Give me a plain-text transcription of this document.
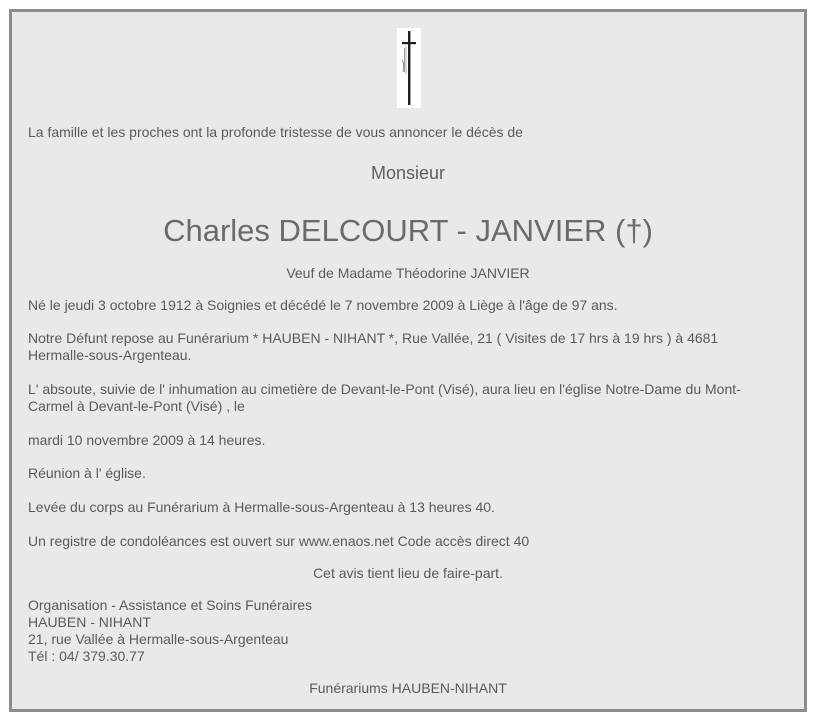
La famille et les proches ont la profonde tristesse de vous annoncer le décès de

Monsieur

Charles DELCOURT - JANVIER (†)

Veuf de Madame Théodorine JANVIER

Né le jeudi 3 octobre 1912 à Soignies et décédé le 7 novembre 2009 à Liège à l'âge de 97 ans.

Notre Défunt repose au Funérarium * HAUBEN - NIHANT *, Rue Vallée, 21 ( Visites de 17 hrs à 19 hrs ) à 4681

Hermalle-sous-Argenteau.

L' absoute, suivie de l' inhumation au cimetière de Devant-le-Pont (Visé), aura lieu en l'église Notre-Dame du Mont-

Carmel à Devant-le-Pont (Visé) , le

mardi 10 novembre 2009 à 14 heures.

Réunion à l' église.

Levée du corps au Funérarium à Hermalle-sous-Argenteau à 13 heures 40.

Un registre de condoléances est ouvert sur www.enaos.net Code accès direct 40

Cet avis tient lieu de faire-part.

Organisation - Assistance et Soins Funéraires

HAUBEN - NIHANT

21, rue Vallée à Hermalle-sous-Argenteau

Tél : 04/ 379.30.77

Funérariums HAUBEN-NIHANT
